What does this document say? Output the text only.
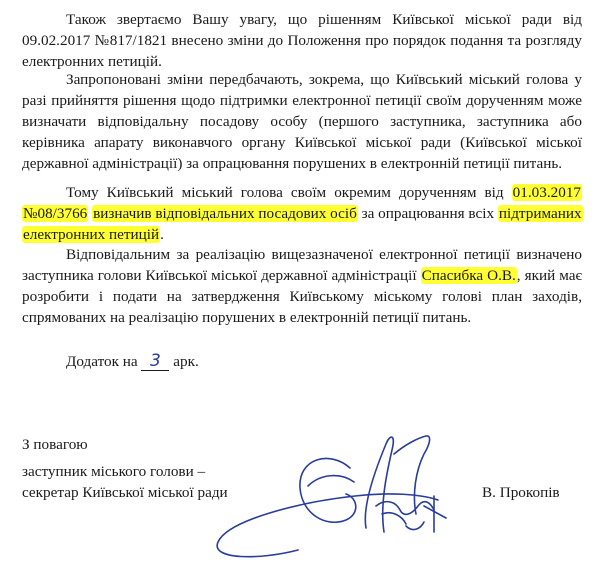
Також звертаємо Вашу увагу, що рішенням Київської міської ради від 09.02.2017 №817/1821 внесено зміни до Положення про порядок подання та розгляду електронних петицій.

Запропоновані зміни передбачають, зокрема, що Київський міський голова у разі прийняття рішення щодо підтримки електронної петиції своїм дорученням може визначати відповідальну посадову особу (першого заступника, заступника або керівника апарату виконавчого органу Київської міської ради (Київської міської державної адміністрації) за опрацювання порушених в електронній петиції питань.

Тому Київський міський голова своїм окремим дорученням від 01.03.2017 №08/3766 визначив відповідальних посадових осіб за опрацювання всіх підтриманих електронних петицій.

Відповідальним за реалізацію вищезазначеної електронної петиції визначено заступника голови Київської міської державної адміністрації Спасибка О.В., який має розробити і подати на затвердження Київському міському голові план заходів, спрямованих на реалізацію порушених в електронній петиції питань.

Додаток на 3 арк.
З повагою
заступник міського голови –
секретар Київської міської ради	В. Прокопів
